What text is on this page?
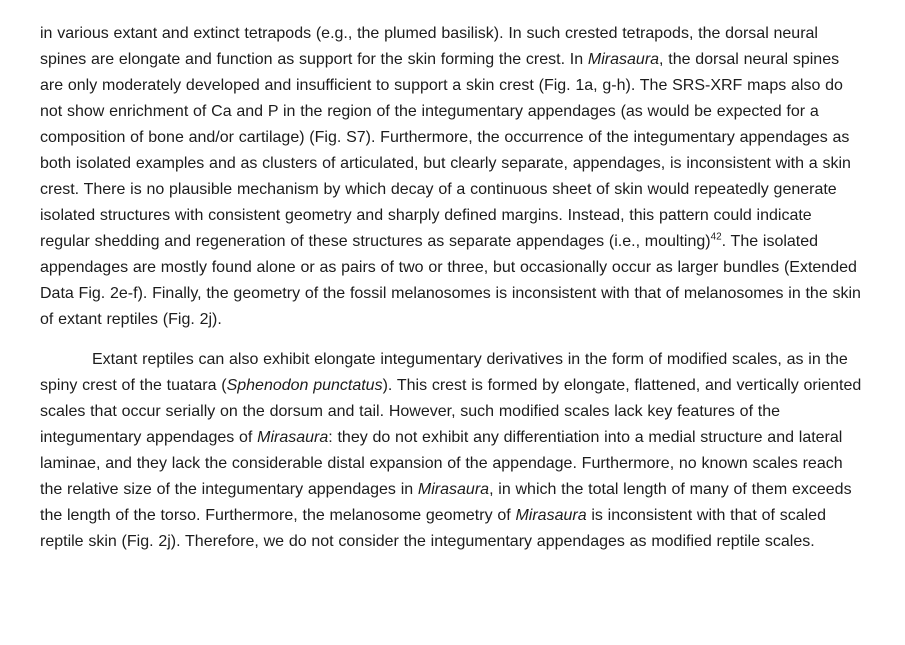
in various extant and extinct tetrapods (e.g., the plumed basilisk). In such crested tetrapods, the dorsal neural spines are elongate and function as support for the skin forming the crest. In Mirasaura, the dorsal neural spines are only moderately developed and insufficient to support a skin crest (Fig. 1a, g-h). The SRS-XRF maps also do not show enrichment of Ca and P in the region of the integumentary appendages (as would be expected for a composition of bone and/or cartilage) (Fig. S7). Furthermore, the occurrence of the integumentary appendages as both isolated examples and as clusters of articulated, but clearly separate, appendages, is inconsistent with a skin crest. There is no plausible mechanism by which decay of a continuous sheet of skin would repeatedly generate isolated structures with consistent geometry and sharply defined margins. Instead, this pattern could indicate regular shedding and regeneration of these structures as separate appendages (i.e., moulting)$^{42}$. The isolated appendages are mostly found alone or as pairs of two or three, but occasionally occur as larger bundles (Extended Data Fig. 2e-f). Finally, the geometry of the fossil melanosomes is inconsistent with that of melanosomes in the skin of extant reptiles (Fig. 2j).

Extant reptiles can also exhibit elongate integumentary derivatives in the form of modified scales, as in the spiny crest of the tuatara (Sphenodon punctatus). This crest is formed by elongate, flattened, and vertically oriented scales that occur serially on the dorsum and tail. However, such modified scales lack key features of the integumentary appendages of Mirasaura: they do not exhibit any differentiation into a medial structure and lateral laminae, and they lack the considerable distal expansion of the appendage. Furthermore, no known scales reach the relative size of the integumentary appendages in Mirasaura, in which the total length of many of them exceeds the length of the torso. Furthermore, the melanosome geometry of Mirasaura is inconsistent with that of scaled reptile skin (Fig. 2j). Therefore, we do not consider the integumentary appendages as modified reptile scales.
